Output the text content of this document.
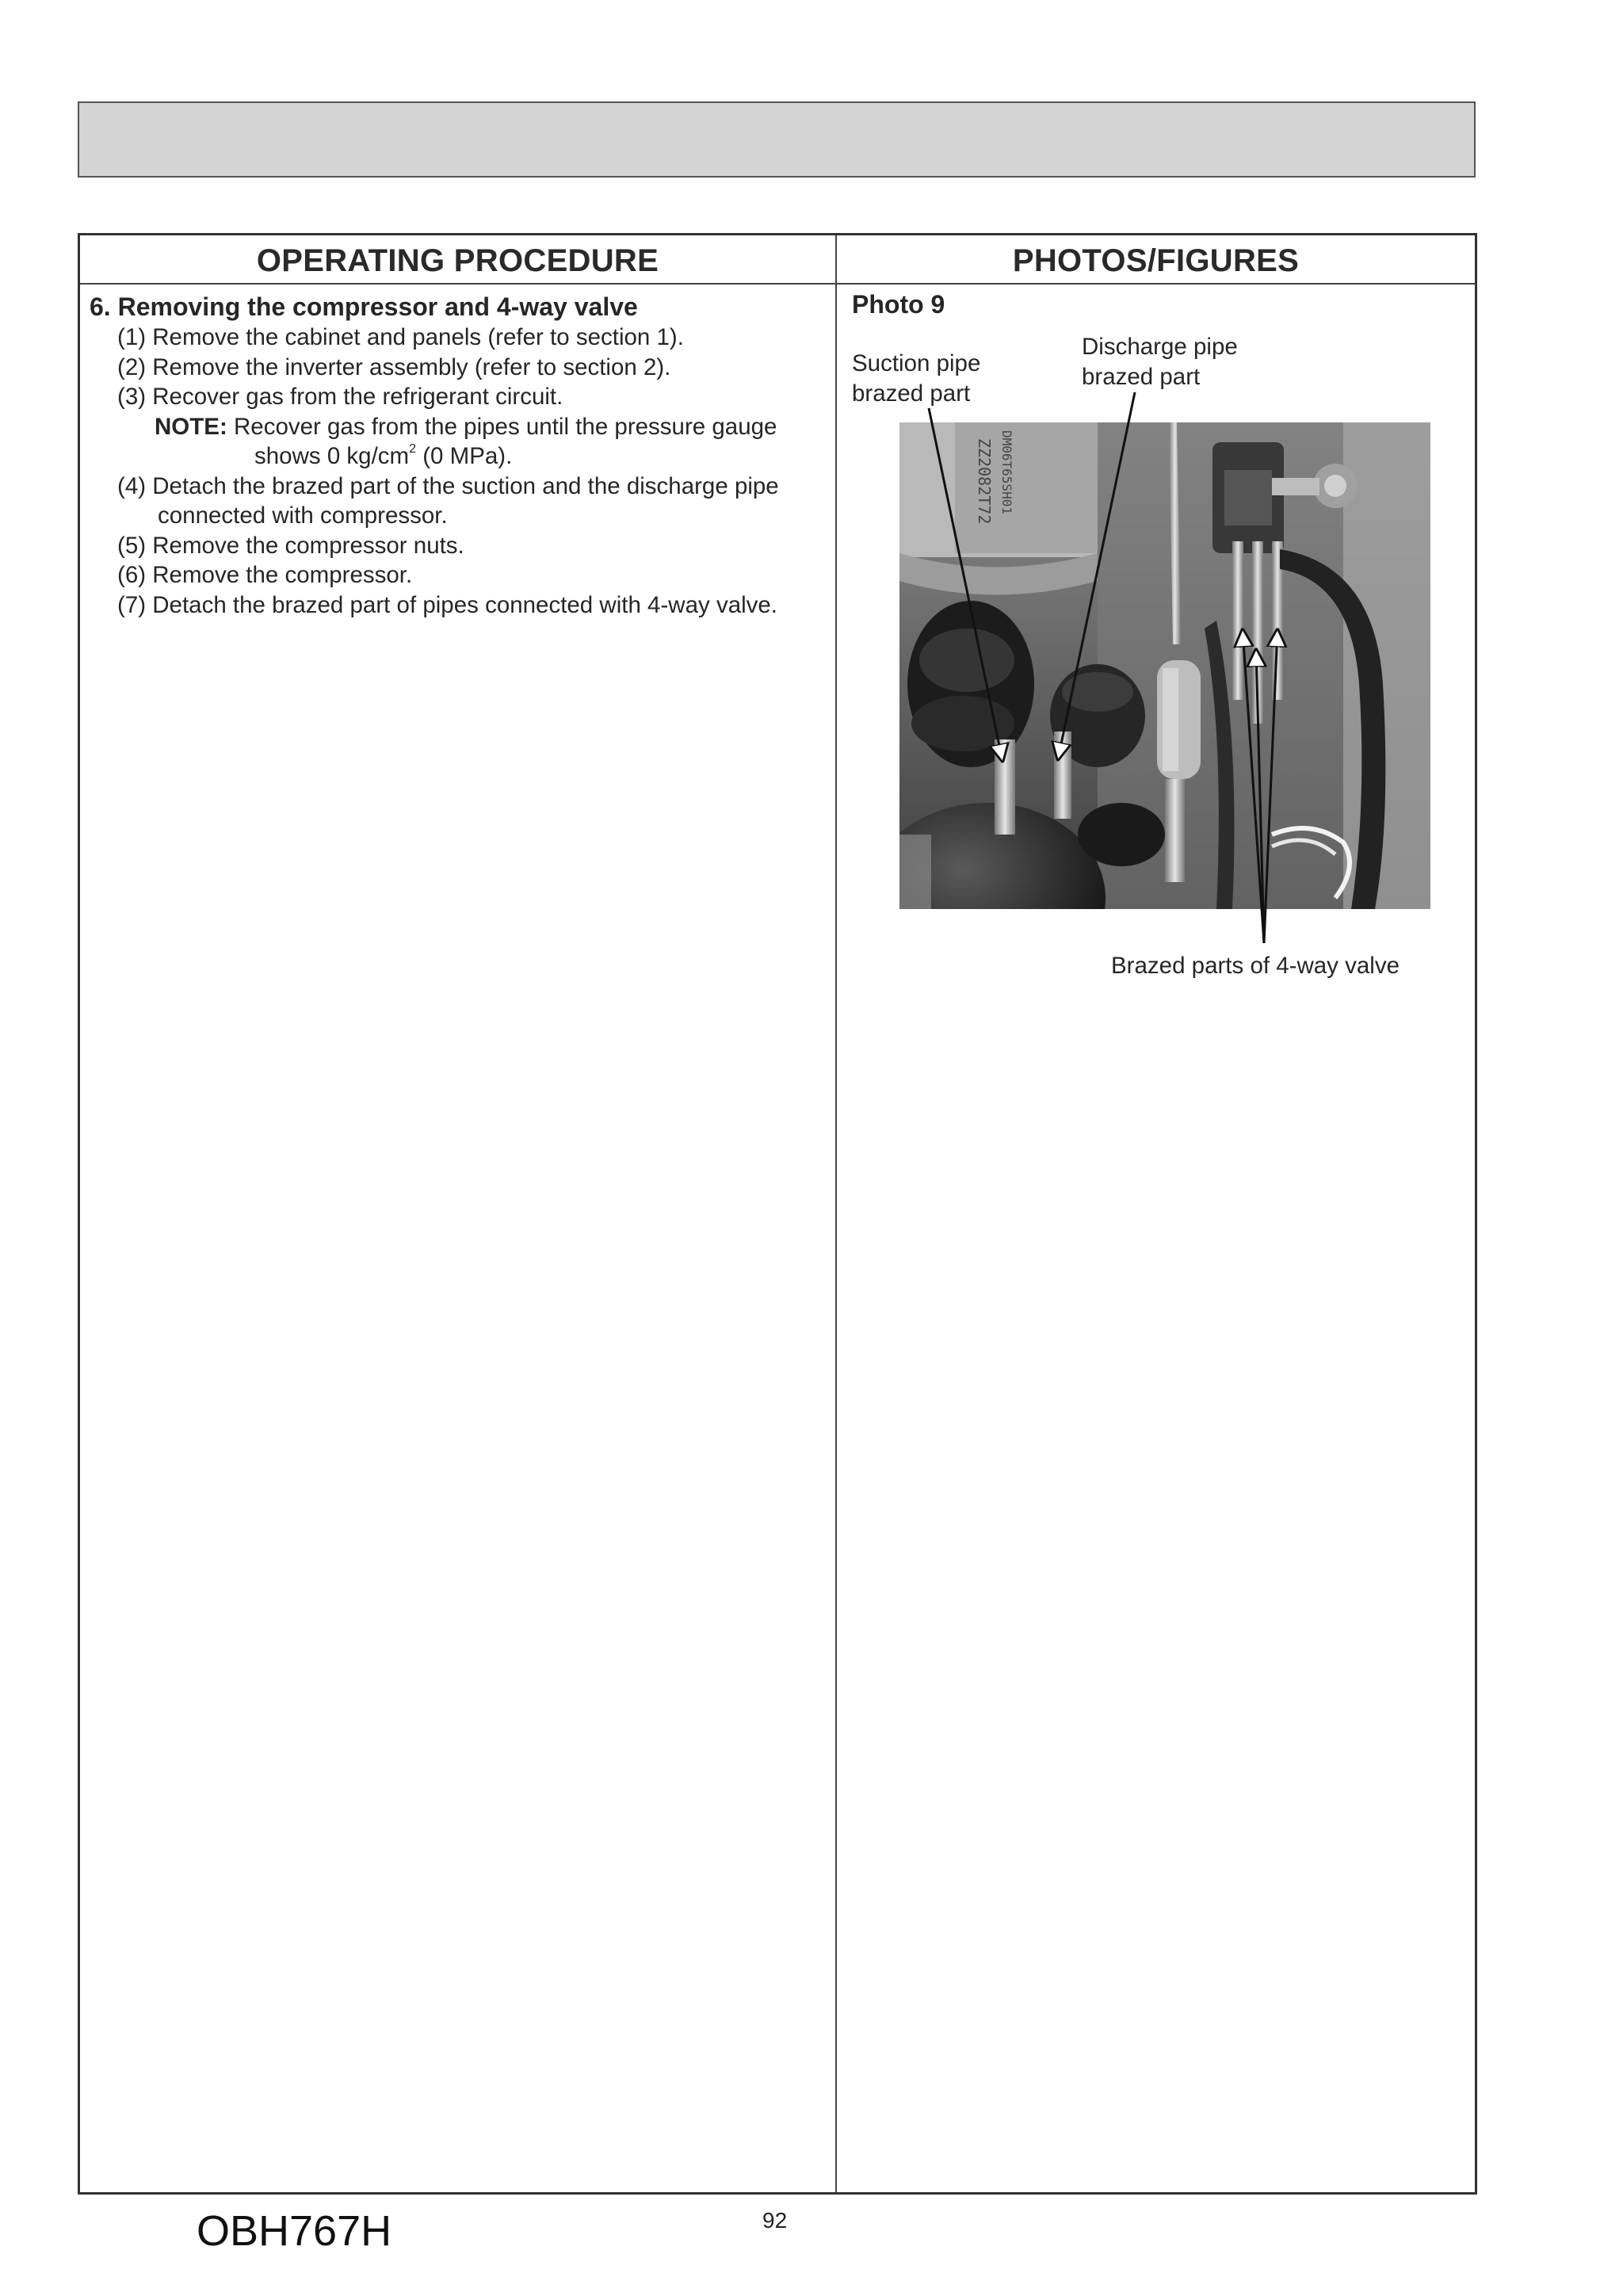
OPERATING PROCEDURE	PHOTOS/FIGURES
6. Removing the compressor and 4-way valve
(1) Remove the cabinet and panels (refer to section 1).
(2) Remove the inverter assembly (refer to section 2).
(3) Recover gas from the refrigerant circuit.
NOTE: Recover gas from the pipes until the pressure gauge
shows 0 $kg/cm^2$ (0 MPa).
(4) Detach the brazed part of the suction and the discharge pipe
connected with compressor.
(5) Remove the compressor nuts.
(6) Remove the compressor.
(7) Detach the brazed part of pipes connected with 4-way valve.
Photo 9
Suction pipe
brazed part
Discharge pipe
brazed part
ZZ2082T72 DM06T65SH01
Brazed parts of 4-way valve
OBH767H	92
